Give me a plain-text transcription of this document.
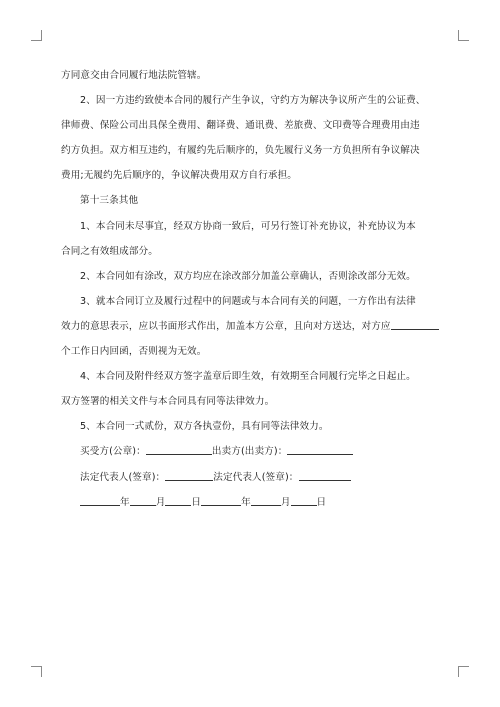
方同意交由合同履行地法院管辖。

2、因一方违约致使本合同的履行产生争议，守约方为解决争议所产生的公证费、

律师费、保险公司出具保全费用、翻译费、通讯费、差旅费、文印费等合理费用由违

约方负担。双方相互违约，有履约先后顺序的，负先履行义务一方负担所有争议解决

费用;无履约先后顺序的，争议解决费用双方自行承担。

第十三条其他

1、本合同未尽事宜，经双方协商一致后，可另行签订补充协议，补充协议为本

合同之有效组成部分。

2、本合同如有涂改，双方均应在涂改部分加盖公章确认，否则涂改部分无效。

3、就本合同订立及履行过程中的问题或与本合同有关的问题，一方作出有法律

效力的意思表示，应以书面形式作出，加盖本方公章，且向对方送达，对方应

个工作日内回函，否则视为无效。

4、本合同及附件经双方签字盖章后即生效，有效期至合同履行完毕之日起止。

双方签署的相关文件与本合同具有同等法律效力。

5、本合同一式贰份，双方各执壹份，具有同等法律效力。

买受方(公章)：	出卖方(出卖方)：

法定代表人(签章)：	法定代表人(签章)：

年	月	日	年	月	日
